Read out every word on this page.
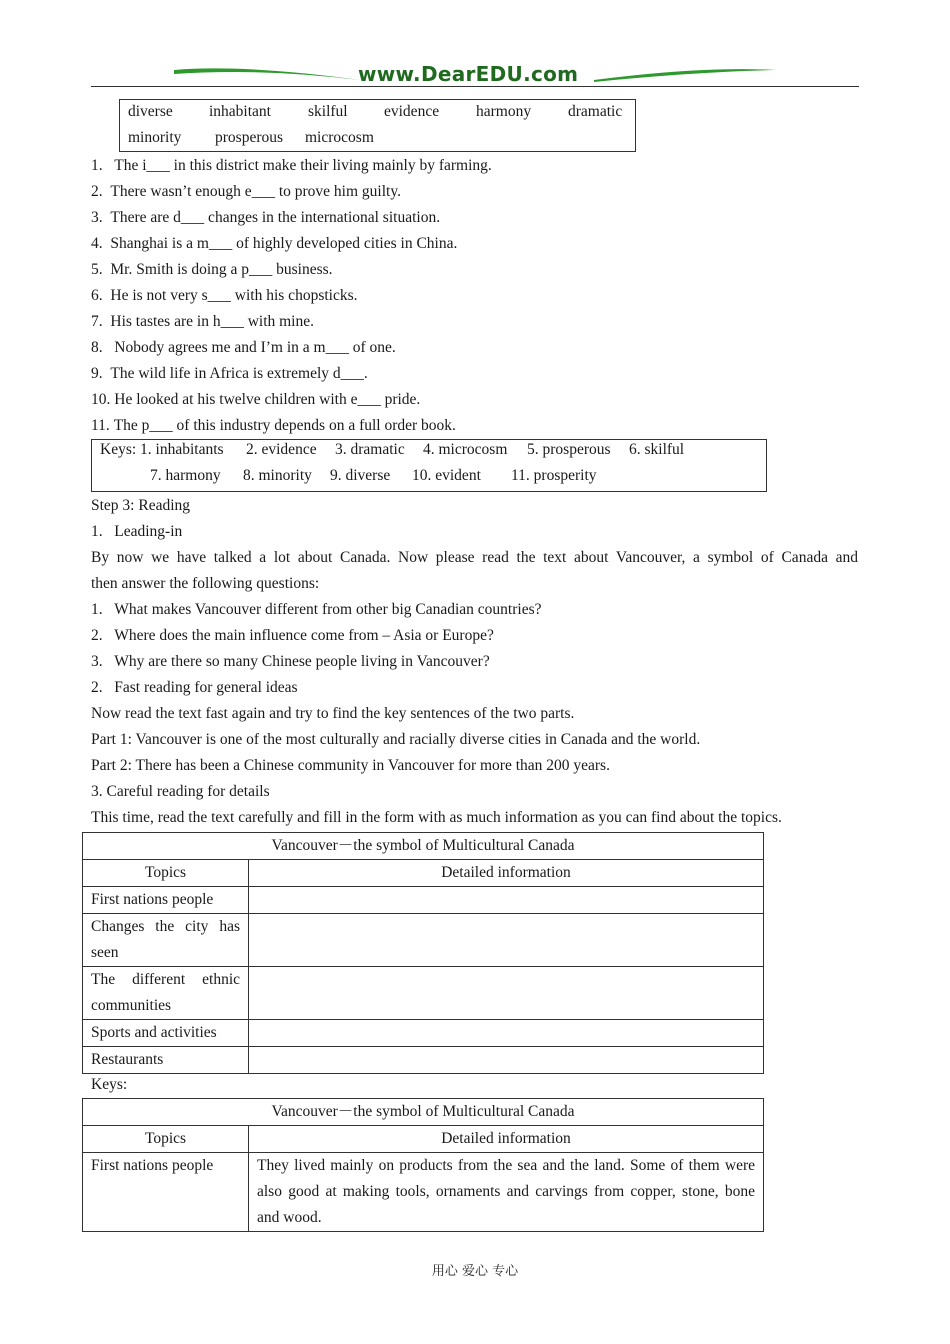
www.DearEDU.com
diverse inhabitant skilful evidence harmony dramatic
minority prosperous microcosm
1. The i___ in this district make their living mainly by farming.
2. There wasn’t enough e___ to prove him guilty.
3. There are d___ changes in the international situation.
4. Shanghai is a m___ of highly developed cities in China.
5. Mr. Smith is doing a p___ business.
6. He is not very s___ with his chopsticks.
7. His tastes are in h___ with mine.
8. Nobody agrees me and I’m in a m___ of one.
9. The wild life in Africa is extremely d___.
10. He looked at his twelve children with e___ pride.
11. The p___ of this industry depends on a full order book.
Keys: 1. inhabitants 2. evidence 3. dramatic 4. microcosm 5. prosperous 6. skilful
7. harmony 8. minority 9. diverse 10. evident 11. prosperity
Step 3: Reading
1.   Leading-in
By now we have talked a lot about Canada. Now please read the text about Vancouver, a symbol of Canada and
then answer the following questions:
1.   What makes Vancouver different from other big Canadian countries?
2.   Where does the main influence come from – Asia or Europe?
3.   Why are there so many Chinese people living in Vancouver?
2.   Fast reading for general ideas
Now read the text fast again and try to find the key sentences of the two parts.
Part 1: Vancouver is one of the most culturally and racially diverse cities in Canada and the world.
Part 2: There has been a Chinese community in Vancouver for more than 200 years.
3. Careful reading for details
This time, read the text carefully and fill in the form with as much information as you can find about the topics.
Vancouver－the symbol of Multicultural Canada	
Topics	Detailed information
First nations people	
Changes the city has seen	
The different ethnic communities	
Sports and activities	
Restaurants	
Keys:
Vancouver－the symbol of Multicultural Canada	
Topics	Detailed information
First nations people	They lived mainly on products from the sea and the land. Some of them were also good at making tools, ornaments and carvings from copper, stone, bone and wood.
用心 爱心 专心
